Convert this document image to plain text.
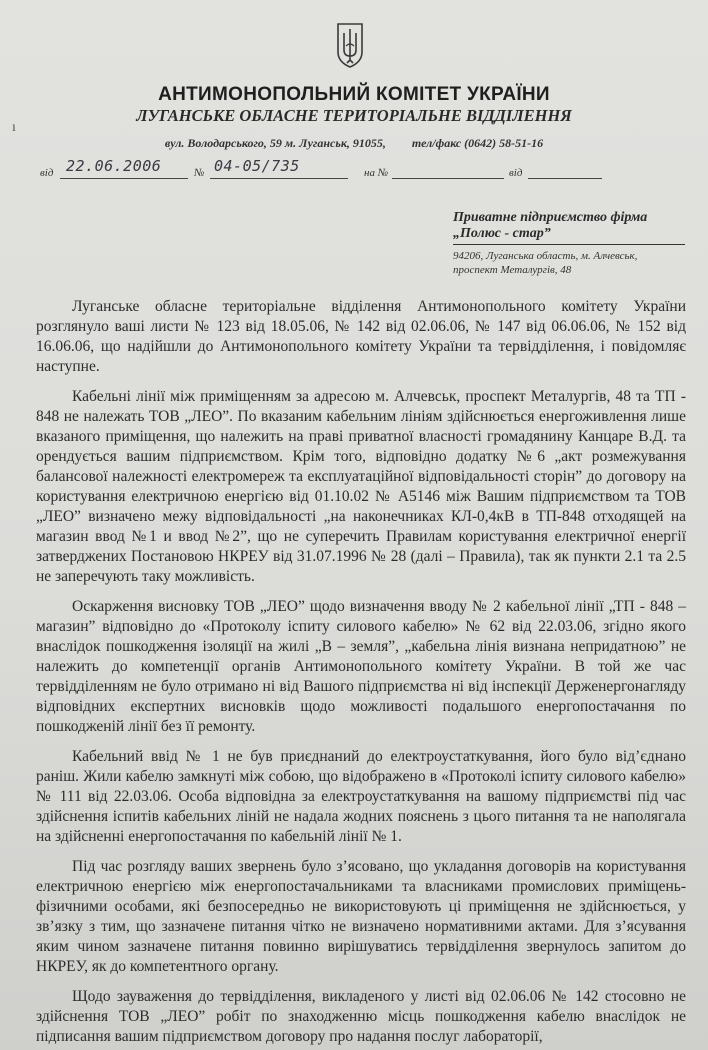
АНТИМОНОПОЛЬНИЙ КОМІТЕТ УКРАЇНИ
ЛУГАНСЬКЕ ОБЛАСНЕ ТЕРИТОРІАЛЬНЕ ВІДДІЛЕННЯ
ı
вул. Володарського, 59 м. Луганськ, 91055, тел/факс (0642) 58-51-16
від 22.06.2006	№ 04-05/735	на №	від
Приватне підприємство фірма
„Полюс - стар”
94206, Луганська область, м. Алчевськ,
проспект Металургів, 48

Луганське обласне територіальне відділення Антимонопольного комітету України розглянуло ваші листи № 123 від 18.05.06, № 142 від 02.06.06, № 147 від 06.06.06, № 152 від 16.06.06, що надійшли до Антимонопольного комітету України та тервідділення, і повідомляє наступне.

Кабельні лінії між приміщенням за адресою м. Алчевськ, проспект Металургів, 48 та ТП - 848 не належать ТОВ „ЛЕО”. По вказаним кабельним лініям здійснюється енергоживлення лише вказаного приміщення, що належить на праві приватної власності громадянину Канцаре В.Д. та орендується вашим підприємством. Крім того, відповідно додатку №6 „акт розмежування балансової належності електромереж та експлуатаційної відповідальності сторін” до договору на користування електричною енергією від 01.10.02 № А5146 між Вашим підприємством та ТОВ „ЛЕО” визначено межу відповідальності „на наконечниках КЛ-0,4кВ в ТП-848 отходящей на магазин ввод №1 и ввод №2”, що не суперечить Правилам користування електричної енергії затверджених Постановою НКРЕУ від 31.07.1996 № 28 (далі – Правила), так як пункти 2.1 та 2.5 не заперечують таку можливість.

Оскарження висновку ТОВ „ЛЕО” щодо визначення вводу № 2 кабельної лінії „ТП - 848 – магазин” відповідно до «Протоколу іспиту силового кабелю» № 62 від 22.03.06, згідно якого внаслідок пошкодження ізоляції на жилі „В – земля”, „кабельна лінія визнана непридатною” не належить до компетенції органів Антимонопольного комітету України. В той же час тервідділенням не було отримано ні від Вашого підприємства ні від інспекції Держенергонагляду відповідних експертних висновків щодо можливості подальшого енергопостачання по пошкодженій лінії без її ремонту.

Кабельний ввід № 1 не був приєднаний до електроустаткування, його було від’єднано раніш. Жили кабелю замкнуті між собою, що відображено в «Протоколі іспиту силового кабелю» № 111 від 22.03.06. Особа відповідна за електроустаткування на вашому підприємстві під час здійснення іспитів кабельних ліній не надала жодних пояснень з цього питання та не наполягала на здійсненні енергопостачання по кабельній лінії № 1.

Під час розгляду ваших звернень було з’ясовано, що укладання договорів на користування електричною енергією між енергопостачальниками та власниками промислових приміщень-фізичними особами, які безпосередньо не використовують ці приміщення не здійснюється, у зв’язку з тим, що зазначене питання чітко не визначено нормативними актами. Для з’ясування яким чином зазначене питання повинно вирішуватись тервідділення звернулось запитом до НКРЕУ, як до компетентного органу.

Щодо зауваження до тервідділення, викладеного у листі від 02.06.06 № 142 стосовно не здійснення ТОВ „ЛЕО” робіт по знаходженню місць пошкодження кабелю внаслідок не підписання вашим підприємством договору про надання послуг лабораторії,
